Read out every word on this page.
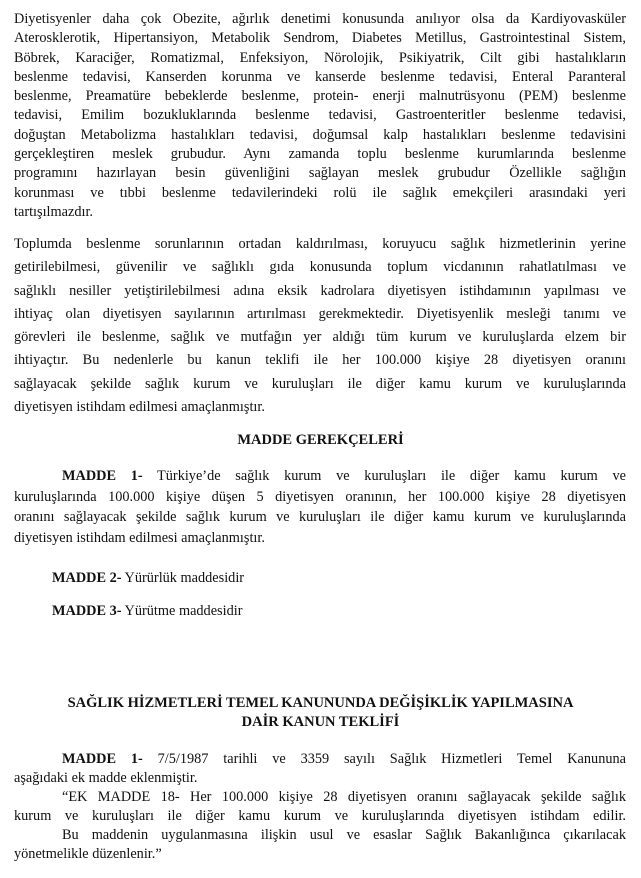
Diyetisyenler daha çok Obezite, ağırlık denetimi konusunda anılıyor olsa da Kardiyovasküler
Aterosklerotik, Hipertansiyon, Metabolik Sendrom, Diabetes Metillus, Gastrointestinal Sistem,
Böbrek, Karaciğer, Romatizmal, Enfeksiyon, Nörolojik, Psikiyatrik, Cilt gibi hastalıkların
beslenme tedavisi, Kanserden korunma ve kanserde beslenme tedavisi, Enteral Paranteral
beslenme, Preamatüre bebeklerde beslenme, protein- enerji malnutrüsyonu (PEM) beslenme
tedavisi, Emilim bozukluklarında beslenme tedavisi, Gastroenteritler beslenme tedavisi,
doğuştan Metabolizma hastalıkları tedavisi, doğumsal kalp hastalıkları beslenme tedavisini
gerçekleştiren meslek grubudur. Aynı zamanda toplu beslenme kurumlarında beslenme
programını hazırlayan besin güvenliğini sağlayan meslek grubudur Özellikle sağlığın
korunması ve tıbbi beslenme tedavilerindeki rolü ile sağlık emekçileri arasındaki yeri
tartışılmazdır.
Toplumda beslenme sorunlarının ortadan kaldırılması, koruyucu sağlık hizmetlerinin yerine
getirilebilmesi, güvenilir ve sağlıklı gıda konusunda toplum vicdanının rahatlatılması ve
sağlıklı nesiller yetiştirilebilmesi adına eksik kadrolara diyetisyen istihdamının yapılması ve
ihtiyaç olan diyetisyen sayılarının artırılması gerekmektedir. Diyetisyenlik mesleği tanımı ve
görevleri ile beslenme, sağlık ve mutfağın yer aldığı tüm kurum ve kuruluşlarda elzem bir
ihtiyaçtır. Bu nedenlerle bu kanun teklifi ile her 100.000 kişiye 28 diyetisyen oranını
sağlayacak şekilde sağlık kurum ve kuruluşları ile diğer kamu kurum ve kuruluşlarında
diyetisyen istihdam edilmesi amaçlanmıştır.
MADDE GEREKÇELERİ
MADDE 1- Türkiye’de sağlık kurum ve kuruluşları ile diğer kamu kurum ve
kuruluşlarında 100.000 kişiye düşen 5 diyetisyen oranının, her 100.000 kişiye 28 diyetisyen
oranını sağlayacak şekilde sağlık kurum ve kuruluşları ile diğer kamu kurum ve kuruluşlarında
diyetisyen istihdam edilmesi amaçlanmıştır.
MADDE 2- Yürürlük maddesidir
MADDE 3- Yürütme maddesidir
SAĞLIK HİZMETLERİ TEMEL KANUNUNDA DEĞİŞİKLİK YAPILMASINA
DAİR KANUN TEKLİFİ
MADDE 1- 7/5/1987 tarihli ve 3359 sayılı Sağlık Hizmetleri Temel Kanununa
aşağıdaki ek madde eklenmiştir.
“EK MADDE 18- Her 100.000 kişiye 28 diyetisyen oranını sağlayacak şekilde sağlık
kurum ve kuruluşları ile diğer kamu kurum ve kuruluşlarında diyetisyen istihdam edilir.
Bu maddenin uygulanmasına ilişkin usul ve esaslar Sağlık Bakanlığınca çıkarılacak
yönetmelikle düzenlenir.”
